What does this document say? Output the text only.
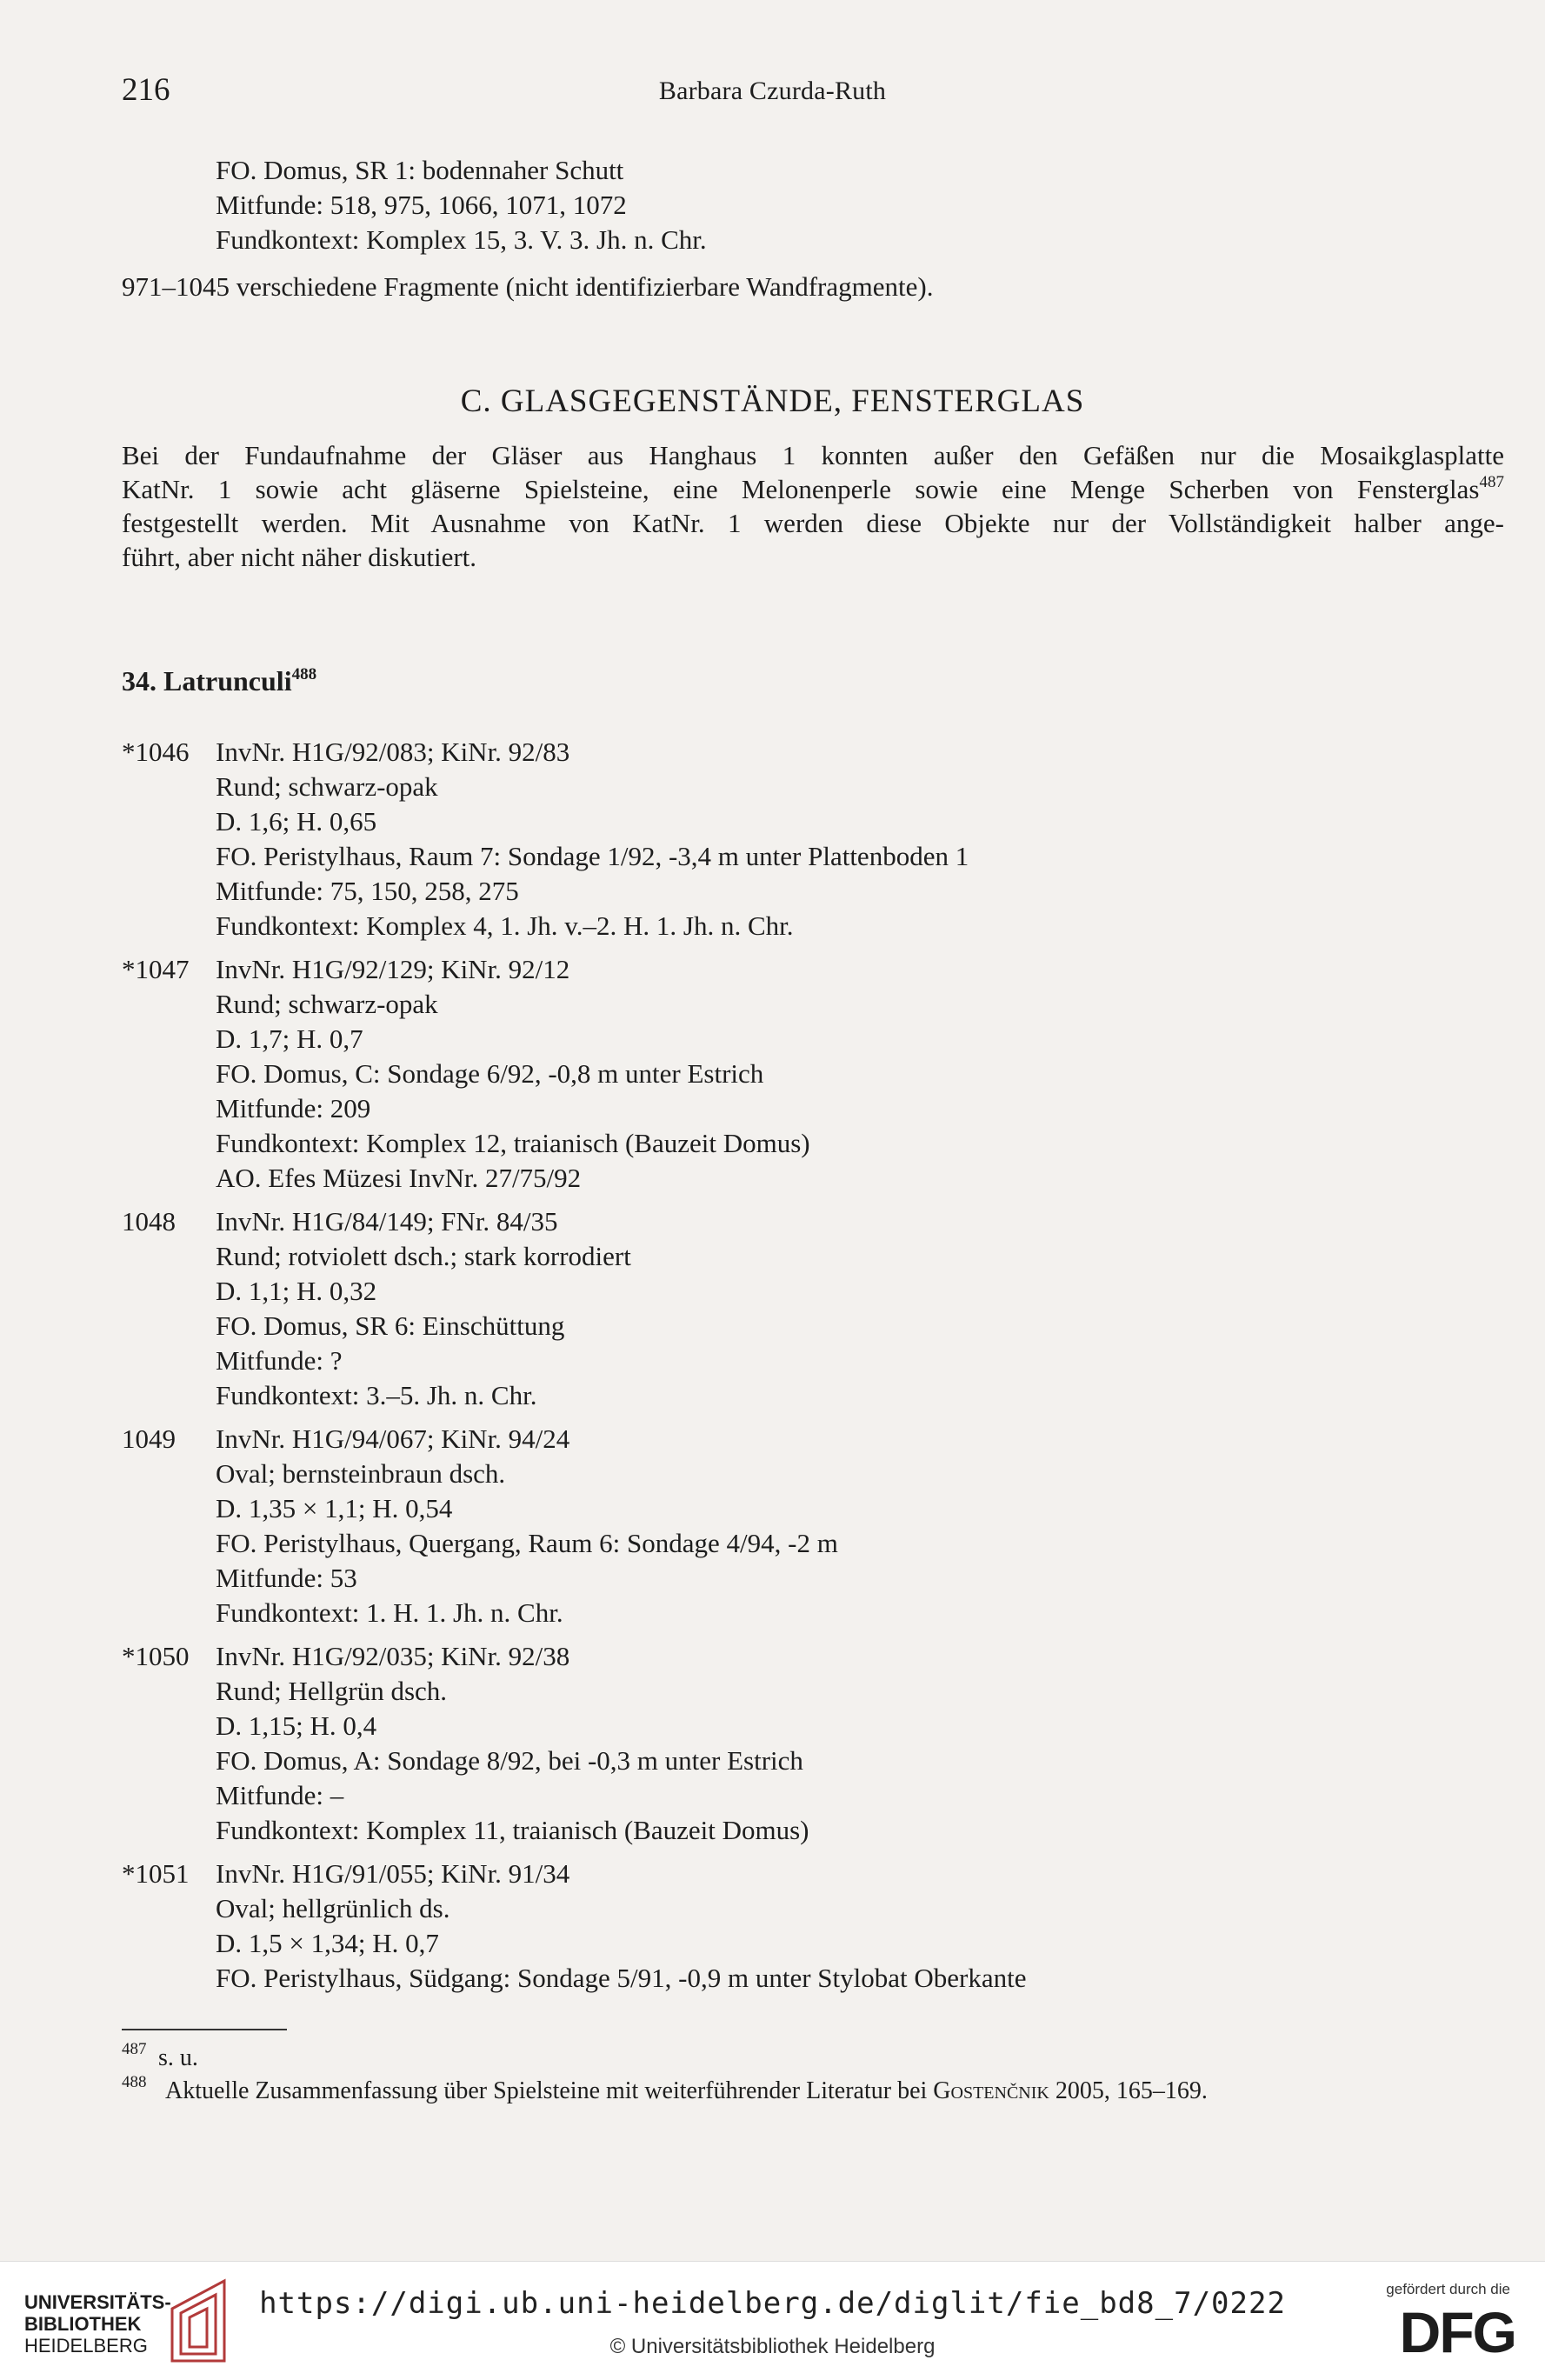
216	Barbara Czurda-Ruth
FO. Domus, SR 1: bodennaher Schutt
Mitfunde: 518, 975, 1066, 1071, 1072
Fundkontext: Komplex 15, 3. V. 3. Jh. n. Chr.
971–1045 verschiedene Fragmente (nicht identifizierbare Wandfragmente).
C. GLASGEGENSTÄNDE, FENSTERGLAS
Bei der Fundaufnahme der Gläser aus Hanghaus 1 konnten außer den Gefäßen nur die Mosaikglasplatte
KatNr. 1 sowie acht gläserne Spielsteine, eine Melonenperle sowie eine Menge Scherben von Fensterglas$^{487}$
festgestellt werden. Mit Ausnahme von KatNr. 1 werden diese Objekte nur der Vollständigkeit halber ange-
führt, aber nicht näher diskutiert.
34. Latrunculi$^{488}$
*1046 InvNr. H1G/92/083; KiNr. 92/83
Rund; schwarz-opak
D. 1,6; H. 0,65
FO. Peristylhaus, Raum 7: Sondage 1/92, -3,4 m unter Plattenboden 1
Mitfunde: 75, 150, 258, 275
Fundkontext: Komplex 4, 1. Jh. v.–2. H. 1. Jh. n. Chr.
*1047 InvNr. H1G/92/129; KiNr. 92/12
Rund; schwarz-opak
D. 1,7; H. 0,7
FO. Domus, C: Sondage 6/92, -0,8 m unter Estrich
Mitfunde: 209
Fundkontext: Komplex 12, traianisch (Bauzeit Domus)
AO. Efes Müzesi InvNr. 27/75/92
1048 InvNr. H1G/84/149; FNr. 84/35
Rund; rotviolett dsch.; stark korrodiert
D. 1,1; H. 0,32
FO. Domus, SR 6: Einschüttung
Mitfunde: ?
Fundkontext: 3.–5. Jh. n. Chr.
1049 InvNr. H1G/94/067; KiNr. 94/24
Oval; bernsteinbraun dsch.
D. 1,35 × 1,1; H. 0,54
FO. Peristylhaus, Quergang, Raum 6: Sondage 4/94, -2 m
Mitfunde: 53
Fundkontext: 1. H. 1. Jh. n. Chr.
*1050 InvNr. H1G/92/035; KiNr. 92/38
Rund; Hellgrün dsch.
D. 1,15; H. 0,4
FO. Domus, A: Sondage 8/92, bei -0,3 m unter Estrich
Mitfunde: –
Fundkontext: Komplex 11, traianisch (Bauzeit Domus)
*1051 InvNr. H1G/91/055; KiNr. 91/34
Oval; hellgrünlich ds.
D. 1,5 × 1,34; H. 0,7
FO. Peristylhaus, Südgang: Sondage 5/91, -0,9 m unter Stylobat Oberkante
487 s. u.
488 Aktuelle Zusammenfassung über Spielsteine mit weiterführender Literatur bei Gostenčnik 2005, 165–169.
UNIVERSITÄTS-
BIBLIOTHEK
HEIDELBERG
https://digi.ub.uni-heidelberg.de/diglit/fie_bd8_7/0222
© Universitätsbibliothek Heidelberg
gefördert durch die
DFG
